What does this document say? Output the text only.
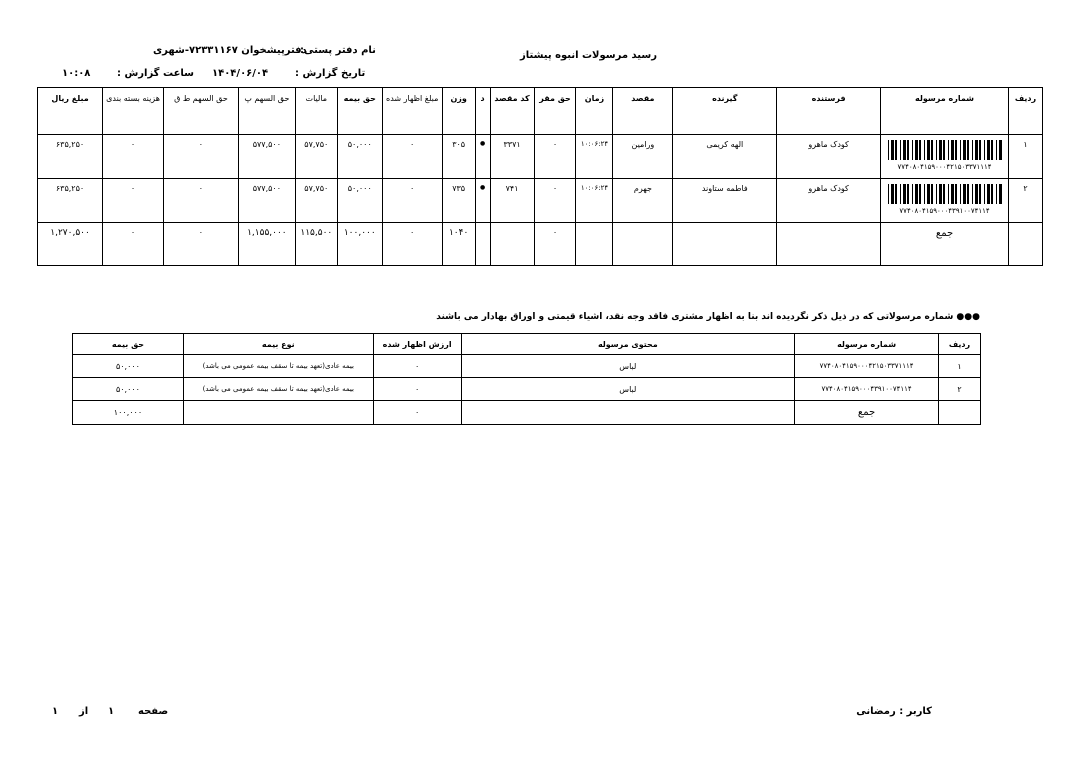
رسید مرسولات انبوه پیشتاز
نام دفتر پستی:
دفترپیشخوان ۷۲۳۳۱۱۶۷-شهری
تاریخ گزارش :
۱۴۰۴/۰۶/۰۴
ساعت گزارش :
۱۰:۰۸
ردیف	شماره مرسوله	فرستنده	گیرنده	مقصد	زمان	حق مقر	کد مقصد	د	وزن	مبلغ اظهار شده	حق بیمه	مالیات	حق السهم پ	حق السهم ط ق	هزینه بسته بندی	مبلغ ریال
۱	۷۷۴۰۸۰۴۱۵۹۰۰۰۴۲۱۵۰۳۳۷۱۱۱۴	کودک ماهرو	الهه کریمی	ورامین	۱۰:۰۶:۲۴	۰	۳۳۷۱	●	۳۰۵	۰	۵۰,۰۰۰	۵۷,۷۵۰	۵۷۷,۵۰۰	۰	۰	۶۳۵,۲۵۰
۲	۷۷۴۰۸۰۴۱۵۹۰۰۰۴۳۹۱۰۰۷۴۱۱۴	کودک ماهرو	فاطمه ستاوند	جهرم	۱۰:۰۶:۲۴	۰	۷۴۱	●	۷۳۵	۰	۵۰,۰۰۰	۵۷,۷۵۰	۵۷۷,۵۰۰	۰	۰	۶۳۵,۲۵۰
	جمع					۰			۱۰۴۰	۰	۱۰۰,۰۰۰	۱۱۵,۵۰۰	۱,۱۵۵,۰۰۰	۰	۰	۱,۲۷۰,۵۰۰
●●● شماره مرسولاتی که در ذیل ذکر نگردیده اند بنا به اظهار مشتری فاقد وجه نقد، اشیاء قیمتی و اوراق بهادار می باشند
ردیف	شماره مرسوله	محتوی مرسوله	ارزش اظهار شده	نوع بیمه	حق بیمه
۱	۷۷۴۰۸۰۴۱۵۹۰۰۰۴۲۱۵۰۳۳۷۱۱۱۴	لباس	۰	بیمه عادی(تعهد بیمه تا سقف بیمه عمومی می باشد)	۵۰,۰۰۰
۲	۷۷۴۰۸۰۴۱۵۹۰۰۰۴۳۹۱۰۰۷۴۱۱۴	لباس	۰	بیمه عادی(تعهد بیمه تا سقف بیمه عمومی می باشد)	۵۰,۰۰۰
	جمع		۰		۱۰۰,۰۰۰
کاربر : رمضانی
صفحه
۱
از
۱
